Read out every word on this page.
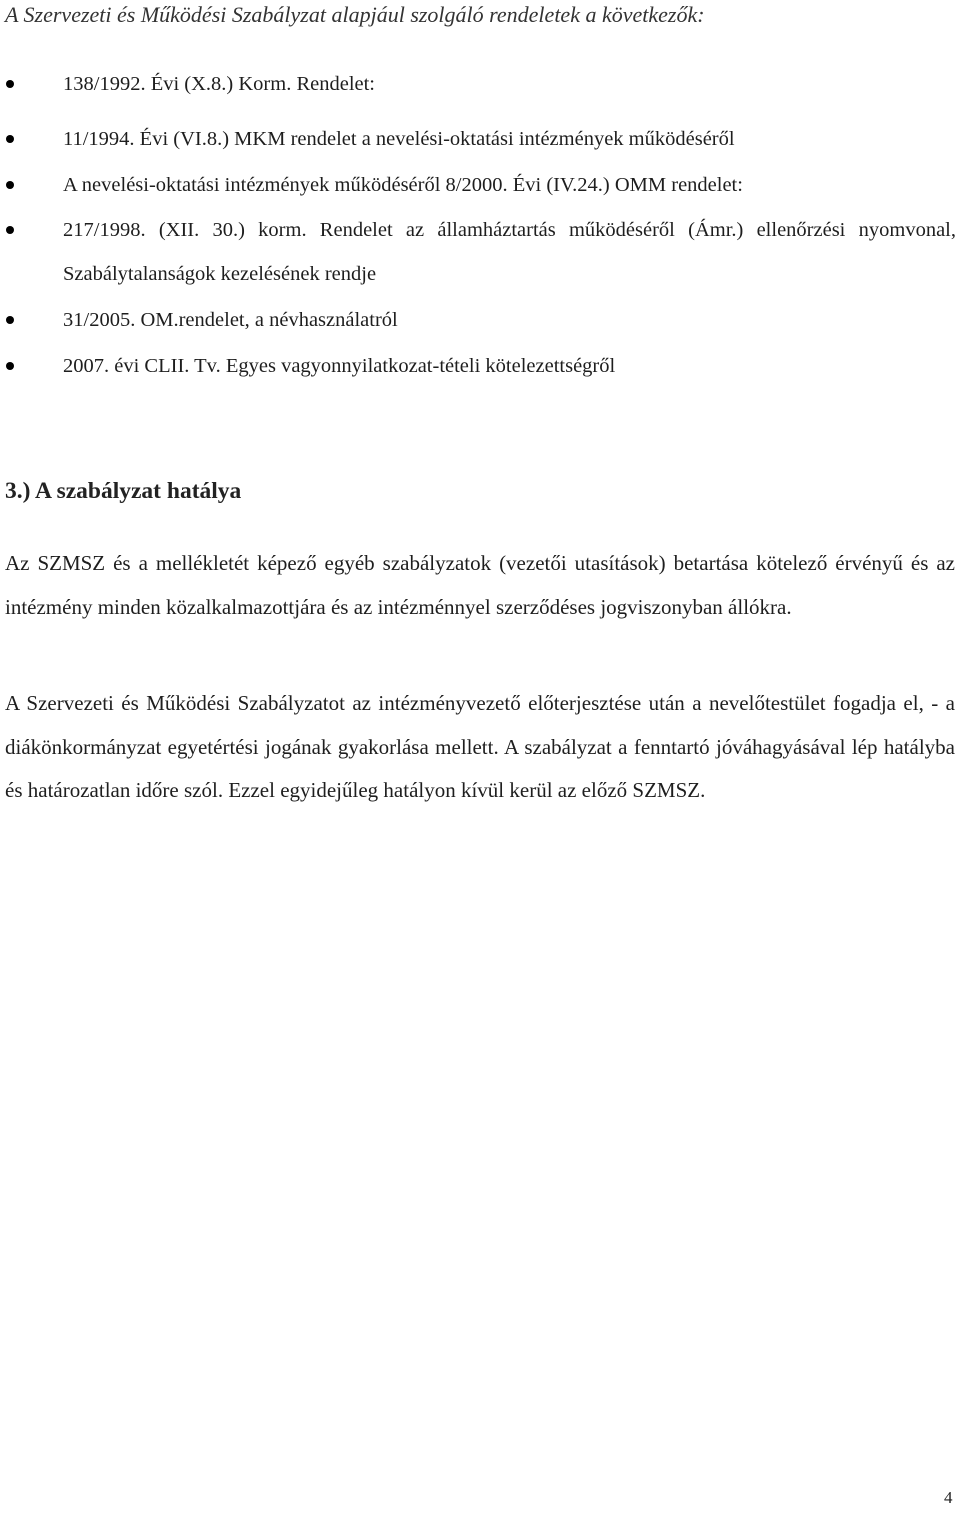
A Szervezeti és Működési Szabályzat alapjául szolgáló rendeletek a következők:
138/1992. Évi (X.8.) Korm. Rendelet:
11/1994. Évi (VI.8.) MKM rendelet a nevelési-oktatási intézmények működéséről
A nevelési-oktatási intézmények működéséről 8/2000. Évi (IV.24.) OMM rendelet:
217/1998. (XII. 30.) korm. Rendelet az államháztartás működéséről (Ámr.) ellenőrzési nyomvonal, Szabálytalanságok kezelésének rendje
31/2005. OM.rendelet, a névhasználatról
2007. évi CLII. Tv. Egyes vagyonnyilatkozat-tételi kötelezettségről
3.) A szabályzat hatálya

Az SZMSZ és a mellékletét képező egyéb szabályzatok (vezetői utasítások) betartása kötelező érvényű és az intézmény minden közalkalmazottjára és az intézménnyel szerződéses jogviszonyban állókra.

A Szervezeti és Működési Szabályzatot az intézményvezető előterjesztése után a nevelőtestület fogadja el, - a diákönkormányzat egyetértési jogának gyakorlása mellett. A szabályzat a fenntartó jóváhagyásával lép hatályba és határozatlan időre szól. Ezzel egyidejűleg hatályon kívül kerül az előző SZMSZ.

4
